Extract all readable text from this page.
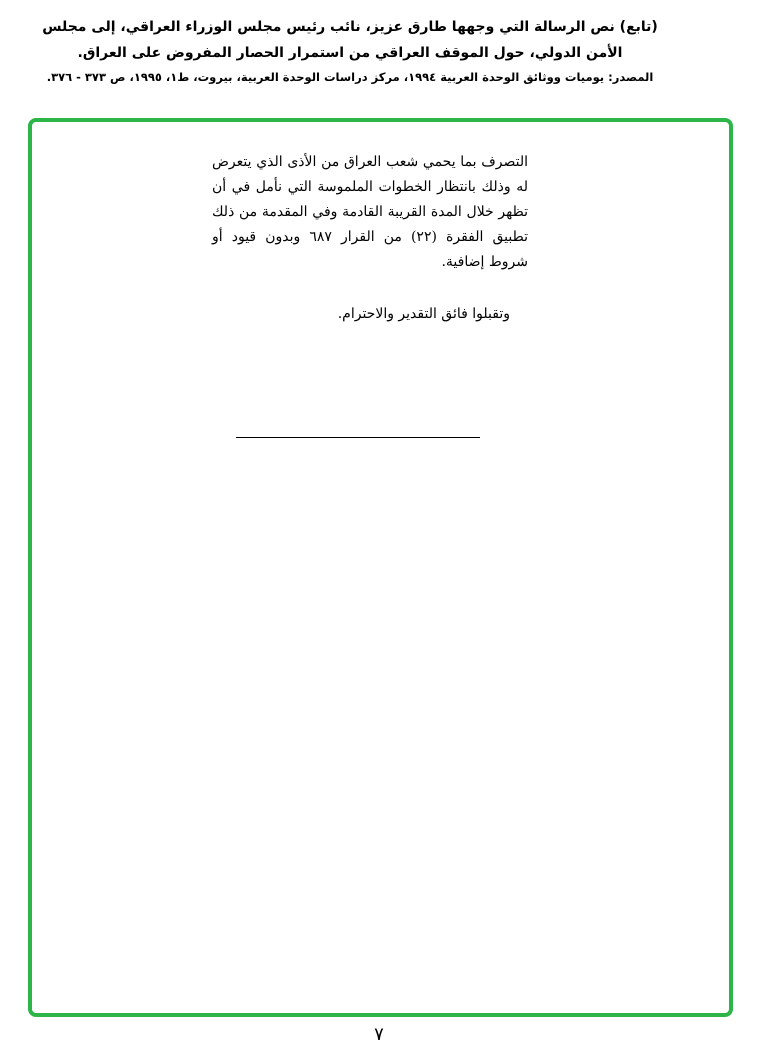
(تابع) نص الرسالة التي وجهها طارق عزيز، نائب رئيس مجلس الوزراء العراقي، إلى مجلس الأمن الدولي، حول الموقف العراقي من استمرار الحصار المفروض على العراق.

المصدر: يوميات ووثائق الوحدة العربية ١٩٩٤، مركز دراسات الوحدة العربية، بيروت، ط١، ١٩٩٥، ص ٣٧٣ - ٣٧٦.

التصرف بما يحمي شعب العراق من الأذى الذي يتعرض له وذلك بانتظار الخطوات الملموسة التي نأمل في أن تظهر خلال المدة القريبة القادمة وفي المقدمة من ذلك تطبيق الفقرة (٢٢) من القرار ٦٨٧ وبدون قيود أو شروط إضافية.

وتقبلوا فائق التقدير والاحترام.

٧
